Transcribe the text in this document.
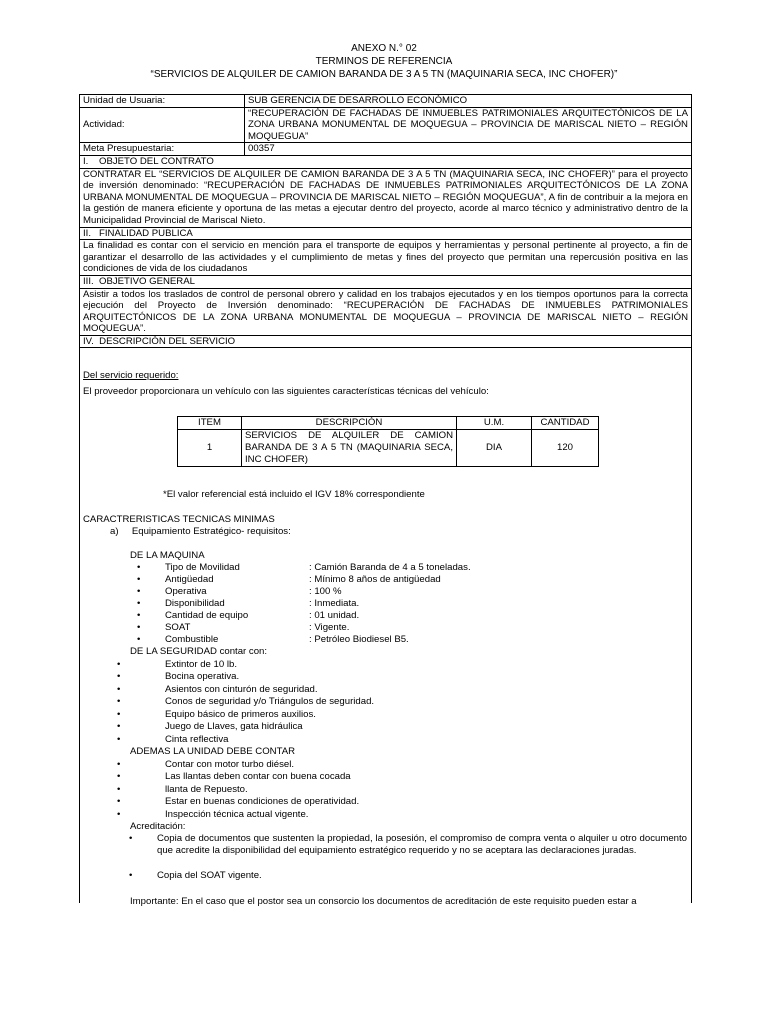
ANEXO N.° 02
TERMINOS DE REFERENCIA
“SERVICIOS DE ALQUILER DE CAMION BARANDA DE 3 A 5 TN (MAQUINARIA SECA, INC CHOFER)”
Unidad de Usuaria:	SUB GERENCIA DE DESARROLLO ECONÓMICO
Actividad:	“RECUPERACIÓN DE FACHADAS DE INMUEBLES PATRIMONIALES ARQUITECTÓNICOS DE LA ZONA URBANA MONUMENTAL DE MOQUEGUA – PROVINCIA DE MARISCAL NIETO – REGIÓN MOQUEGUA”
Meta Presupuestaria:	00357
I.    OBJETO DEL CONTRATO
CONTRATAR EL “SERVICIOS DE ALQUILER DE CAMION BARANDA DE 3 A 5 TN (MAQUINARIA SECA, INC CHOFER)” para el proyecto de inversión denominado: “RECUPERACIÓN DE FACHADAS DE INMUEBLES PATRIMONIALES ARQUITECTÓNICOS DE LA ZONA URBANA MONUMENTAL DE MOQUEGUA – PROVINCIA DE MARISCAL NIETO – REGIÓN MOQUEGUA”, A fin de contribuir a la mejora en la gestión de manera eficiente y oportuna de las metas a ejecutar dentro del proyecto, acorde al marco técnico y administrativo dentro de la Municipalidad Provincial de Mariscal Nieto.
II.   FINALIDAD PUBLICA
La finalidad es contar con el servicio en mención para el transporte de equipos y herramientas y personal pertinente al proyecto, a fin de garantizar el desarrollo de las actividades y el cumplimiento de metas y fines del proyecto que permitan una repercusión positiva en las condiciones de vida de los ciudadanos
III.  OBJETIVO GENERAL
Asistir a todos los traslados de control de personal obrero y calidad en los trabajos ejecutados y en los tiempos oportunos para la correcta ejecución del Proyecto de Inversión denominado: “RECUPERACIÓN DE FACHADAS DE INMUEBLES PATRIMONIALES ARQUITECTÓNICOS DE LA ZONA URBANA MONUMENTAL DE MOQUEGUA – PROVINCIA DE MARISCAL NIETO – REGIÓN MOQUEGUA”.
IV.  DESCRIPCIÓN DEL SERVICIO

Del servicio requerido:
El proveedor proporcionara un vehículo con las siguientes características técnicas del vehículo:
ITEM	DESCRIPCIÓN	U.M.	CANTIDAD
1	SERVICIOS DE ALQUILER DE CAMION BARANDA DE 3 A 5 TN (MAQUINARIA SECA, INC CHOFER)	DIA	120
*El valor referencial está incluido el IGV 18% correspondiente
CARACTRERISTICAS TECNICAS MINIMAS
a)     Equipamiento Estratégico- requisitos:
DE LA MAQUINA
Tipo de Movilidad	: Camión Baranda de 4 a 5 toneladas.
Antigüedad	: Mínimo 8 años de antigüedad
Operativa	: 100 %
Disponibilidad	: Inmediata.
Cantidad de equipo	: 01 unidad.
SOAT	: Vigente.
Combustible	: Petróleo Biodiesel B5.
DE LA SEGURIDAD contar con:
Extintor de 10 lb.
Bocina operativa.
Asientos con cinturón de seguridad.
Conos de seguridad y/o Triángulos de seguridad.
Equipo básico de primeros auxilios.
Juego de Llaves, gata hidráulica
Cinta reflectiva
ADEMAS LA UNIDAD DEBE CONTAR
Contar con motor turbo diésel.
Las llantas deben contar con buena cocada
llanta de Repuesto.
Estar en buenas condiciones de operatividad.
Inspección técnica actual vigente.
Acreditación:
Copia de documentos que sustenten la propiedad, la posesión, el compromiso de compra venta o alquiler u otro documento que acredite la disponibilidad del equipamiento estratégico requerido y no se aceptara las declaraciones juradas.
Copia del SOAT vigente.
Importante: En el caso que el postor sea un consorcio los documentos de acreditación de este requisito pueden estar a
